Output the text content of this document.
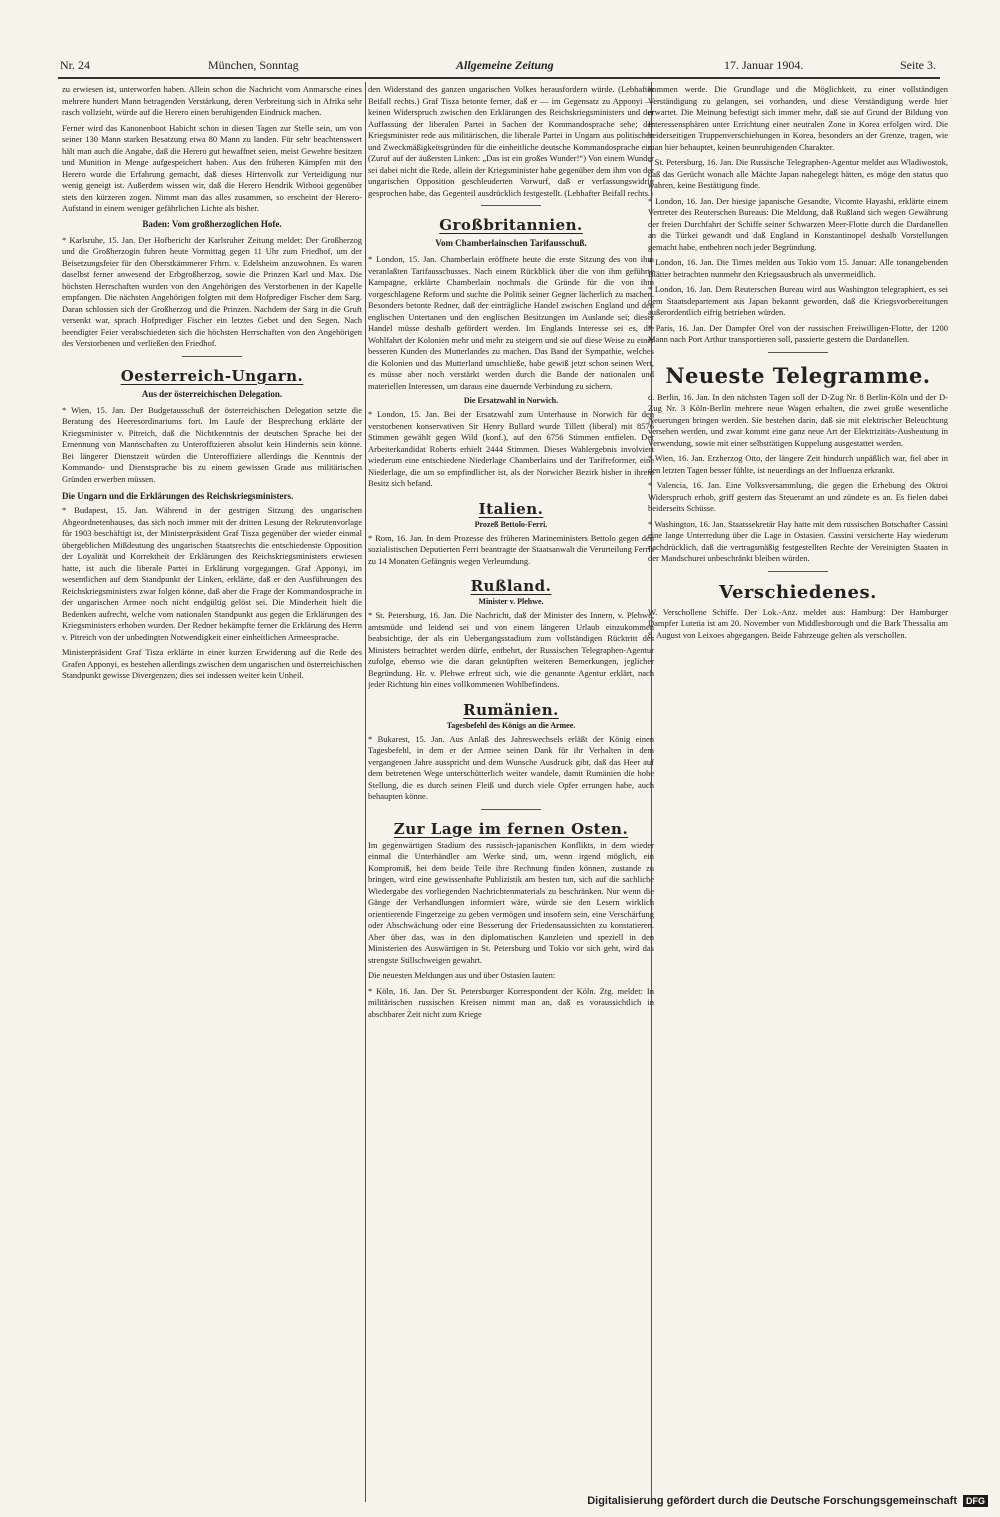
Nr. 24	München, Sonntag	Allgemeine Zeitung	17. Januar 1904.	Seite 3.

zu erwiesen ist, unterworfen haben. Allein schon die Nachricht vom Anmarsche eines mehrere hundert Mann betragenden Verstärkung, deren Verbreitung sich in Afrika sehr rasch vollzieht, würde auf die Herero einen beruhigenden Eindruck machen.

Ferner wird das Kanonenboot Habicht schon in diesen Tagen zur Stelle sein, um von seiner 130 Mann starken Besatzung etwa 80 Mann zu landen. Für sehr beachtenswert hält man auch die Angabe, daß die Herero gut bewaffnet seien, meist Gewehre besitzen und Munition in Menge aufgespeichert haben. Aus den früheren Kämpfen mit den Herero wurde die Erfahrung gemacht, daß dieses Hirtenvolk zur Verteidigung nur wenig geneigt ist. Außerdem wissen wir, daß die Herero Hendrik Witbooi gegenüber stets den kürzeren zogen. Nimmt man das alles zusammen, so erscheint der Herero-Aufstand in einem weniger gefährlichen Lichte als bisher.

Baden: Vom großherzoglichen Hofe.

* Karlsruhe, 15. Jan. Der Hofbericht der Karlsruher Zeitung meldet: Der Großherzog und die Großherzogin fuhren heute Vormittag gegen 11 Uhr zum Friedhof, um der Beisetzungsfeier für den Oberstkämmerer Frhrn. v. Edelsheim anzuwohnen. Es waren daselbst ferner anwesend der Erbgroßherzog, sowie die Prinzen Karl und Max. Die höchsten Herrschaften wurden von den Angehörigen des Verstorbenen in der Kapelle empfangen. Die nächsten Angehörigen folgten mit dem Hofprediger Fischer dem Sarg. Daran schlossen sich der Großherzog und die Prinzen. Nachdem der Sarg in die Gruft versenkt war, sprach Hofprediger Fischer ein letztes Gebet und den Segen. Nach beendigter Feier verabschiedeten sich die höchsten Herrschaften von den Angehörigen des Verstorbenen und verließen den Friedhof.

Oesterreich-Ungarn.
Aus der österreichischen Delegation.

* Wien, 15. Jan. Der Budgetausschuß der österreichischen Delegation setzte die Beratung des Heeresordinariums fort. Im Laufe der Besprechung erklärte der Kriegsminister v. Pitreich, daß die Nichtkenntnis der deutschen Sprache bei der Ernennung von Mannschaften zu Unteroffizieren absolut kein Hindernis sein könne. Bei längerer Dienstzeit würden die Unteroffiziere allerdings die Kenntnis der Kommando- und Dienstsprache bis zu einem gewissen Grade aus militärischen Gründen erwerben müssen.

Die Ungarn und die Erklärungen des Reichskriegsministers.

* Budapest, 15. Jan. Während in der gestrigen Sitzung des ungarischen Abgeordnetenhauses, das sich noch immer mit der dritten Lesung der Rekrutenvorlage für 1903 beschäftigt ist, der Ministerpräsident Graf Tisza gegenüber der wieder einmal übergeblichen Mißdeutung des ungarischen Staatsrechts die entschiedenste Opposition der Loyalität und Korrektheit der Erklärungen des Reichskriegsministers erwiesen hatte, ist auch die liberale Partei in Erklärung vorgegangen. Graf Apponyi, im wesentlichen auf dem Standpunkt der Linken, erklärte, daß er den Ausführungen des Reichskriegsministers zwar folgen könne, daß aber die Frage der Kommandosprache in der ungarischen Armee noch nicht endgültig gelöst sei. Die Minderheit hielt die Bedenken aufrecht, welche vom nationalen Standpunkt aus gegen die Erklärungen des Kriegsministers erhoben wurden. Der Redner bekämpfte ferner die Erklärung des Herrn v. Pitreich von der unbedingten Notwendigkeit einer einheitlichen Armeesprache.

Ministerpräsident Graf Tisza erklärte in einer kurzen Erwiderung auf die Rede des Grafen Apponyi, es bestehen allerdings zwischen dem ungarischen und österreichischen Standpunkt gewisse Divergenzen; dies sei indessen weiter kein Unheil.

den Widerstand des ganzen ungarischen Volkes herausfordern würde. (Lebhafter Beifall rechts.) Graf Tisza betonte ferner, daß er — im Gegensatz zu Apponyi — keinen Widerspruch zwischen den Erklärungen des Reichskriegsministers und der Auffassung der liberalen Partei in Sachen der Kommandosprache sehe; der Kriegsminister rede aus militärischen, die liberale Partei in Ungarn aus politischen und Zweckmäßigkeitsgründen für die einheitliche deutsche Kommandosprache ein. (Zuruf auf der äußersten Linken: „Das ist ein großes Wunder!“) Von einem Wunder sei dabei nicht die Rede, allein der Kriegsminister habe gegenüber dem ihm von der ungarischen Opposition geschleuderten Vorwurf, daß er verfassungswidrig gesprochen habe, das Gegenteil ausdrücklich festgestellt. (Lebhafter Beifall rechts.)

Großbritannien.
Vom Chamberlainschen Tarifausschuß.

* London, 15. Jan. Chamberlain eröffnete heute die erste Sitzung des von ihm veranlaßten Tarifausschusses. Nach einem Rückblick über die von ihm geführte Kampagne, erklärte Chamberlain nochmals die Gründe für die von ihm vorgeschlagene Reform und suchte die Politik seiner Gegner lächerlich zu machen. Besonders betonte Redner, daß der einträgliche Handel zwischen England und den englischen Untertanen und den englischen Besitzungen im Auslande sei; dieser Handel müsse deshalb gefördert werden. Im Englands Interesse sei es, die Wohlfahrt der Kolonien mehr und mehr zu steigern und sie auf diese Weise zu einer besseren Kunden des Mutterlandes zu machen. Das Band der Sympathie, welches die Kolonien und das Mutterland umschließe, habe gewiß jetzt schon seinen Wert, es müsse aber noch verstärkt werden durch die Bande der nationalen und materiellen Interessen, um daraus eine dauernde Verbindung zu sichern.

Die Ersatzwahl in Norwich.

* London, 15. Jan. Bei der Ersatzwahl zum Unterhause in Norwich für den verstorbenen konservativen Sir Henry Bullard wurde Tillett (liberal) mit 8576 Stimmen gewählt gegen Wild (konf.), auf den 6756 Stimmen entfielen. Der Arbeiterkandidat Roberts erhielt 2444 Stimmen. Dieses Wahlergebnis involviert wiederum eine entschiedene Niederlage Chamberlains und der Tarifreformer, eine Niederlage, die um so empfindlicher ist, als der Norwicher Bezirk bisher in ihrem Besitz sich befand.

Italien.
Prozeß Bettolo-Ferri.

* Rom, 16. Jan. In dem Prozesse des früheren Marineministers Bettolo gegen den sozialistischen Deputierten Ferri beantragte der Staatsanwalt die Verurteilung Ferris zu 14 Monaten Gefängnis wegen Verleumdung.

Rußland.
Minister v. Plehwe.

* St. Petersburg, 16. Jan. Die Nachricht, daß der Minister des Innern, v. Plehwe, amtsmüde und leidend sei und von einem längeren Urlaub einzukommen beabsichtige, der als ein Uebergangsstadium zum vollständigen Rücktritt des Ministers betrachtet werden dürfe, entbehrt, der Russischen Telegraphen-Agentur zufolge, ebenso wie die daran geknüpften weiteren Bemerkungen, jeglicher Begründung. Hr. v. Plehwe erfreut sich, wie die genannte Agentur erklärt, nach jeder Richtung hin eines vollkommenen Wohlbefindens.

Rumänien.
Tagesbefehl des Königs an die Armee.

* Bukarest, 15. Jan. Aus Anlaß des Jahreswechsels erläßt der König einen Tagesbefehl, in dem er der Armee seinen Dank für ihr Verhalten in dem vergangenen Jahre ausspricht und dem Wunsche Ausdruck gibt, daß das Heer auf dem betretenen Wege unterschütterlich weiter wandele, damit Rumänien die hohe Stellung, die es durch seinen Fleiß und durch viele Opfer errungen habe, auch behaupten könne.

Zur Lage im fernen Osten.

Im gegenwärtigen Stadium des russisch-japanischen Konflikts, in dem wieder einmal die Unterhändler am Werke sind, um, wenn irgend möglich, ein Kompromiß, bei dem beide Teile ihre Rechnung finden können, zustande zu bringen, wird eine gewissenhafte Publizistik am besten tun, sich auf die sachliche Wiedergabe des vorliegenden Nachrichtenmaterials zu beschränken. Nur wenn die Gänge der Verhandlungen informiert wäre, würde sie den Lesern wirklich orientierende Fingerzeige zu geben vermögen und insofern sein, eine Verschärfung oder Abschwächung oder eine Besserung der Friedensaussichten zu konstatieren. Aber über das, was in den diplomatischen Kanzleien und speziell in den Ministerien des Auswärtigen in St. Petersburg und Tokio vor sich geht, wird das strengste Stillschweigen gewahrt.

Die neuesten Meldungen aus und über Ostasien lauten:

* Köln, 16. Jan. Der St. Petersburger Korrespondent der Köln. Ztg. meldet: In militärischen russischen Kreisen nimmt man an, daß es voraussichtlich in abschbarer Zeit nicht zum Kriege

kommen werde. Die Grundlage und die Möglichkeit, zu einer vollständigen Verständigung zu gelangen, sei vorhanden, und diese Verständigung werde hier erwartet. Die Meinung befestigt sich immer mehr, daß sie auf Grund der Bildung von Interessensphären unter Errichtung einer neutralen Zone in Korea erfolgen wird. Die beiderseitigen Truppenverschiebungen in Korea, besonders an der Grenze, tragen, wie man hier behauptet, keinen beunruhigenden Charakter.

* St. Petersburg, 16. Jan. Die Russische Telegraphen-Agentur meldet aus Wladiwostok, daß das Gerücht wonach alle Mächte Japan nahegelegt hätten, es möge den status quo wahren, keine Bestätigung finde.

* London, 16. Jan. Der hiesige japanische Gesandte, Vicomte Hayashi, erklärte einem Vertreter des Reuterschen Bureaus: Die Meldung, daß Rußland sich wegen Gewährung der freien Durchfahrt der Schiffe seiner Schwarzen Meer-Flotte durch die Dardanellen an die Türkei gewandt und daß England in Konstantinopel deshalb Vorstellungen gemacht habe, entbehren noch jeder Begründung.

* London, 16. Jan. Die Times melden aus Tokio vom 15. Januar: Alle tonangebenden Blätter betrachten nunmehr den Kriegsausbruch als unvermeidlich.

* London, 16. Jan. Dem Reuterschen Bureau wird aus Washington telegraphiert, es sei dem Staatsdepartement aus Japan bekannt geworden, daß die Kriegsvorbereitungen außerordentlich eifrig betrieben würden.

* Paris, 16. Jan. Der Dampfer Orel von der russischen Freiwilligen-Flotte, der 1200 Mann nach Port Arthur transportieren soll, passierte gestern die Dardanellen.

Neueste Telegramme.

d. Berlin, 16. Jan. In den nächsten Tagen soll der D-Zug Nr. 8 Berlin-Köln und der D-Zug Nr. 3 Köln-Berlin mehrere neue Wagen erhalten, die zwei große wesentliche Neuerungen bringen werden. Sie bestehen darin, daß sie mit elektrischer Beleuchtung versehen werden, und zwar kommt eine ganz neue Art der Elektrizitäts-Ausbeutung in Verwendung, sowie mit einer selbsttätigen Kuppelung ausgestattet werden.

* Wien, 16. Jan. Erzherzog Otto, der längere Zeit hindurch unpäßlich war, fiel aber in den letzten Tagen besser fühlte, ist neuerdings an der Influenza erkrankt.

* Valencia, 16. Jan. Eine Volksversammlung, die gegen die Erhebung des Oktroi Widerspruch erhob, griff gestern das Steueramt an und zündete es an. Es fielen dabei beiderseits Schüsse.

* Washington, 16. Jan. Staatssekretär Hay hatte mit dem russischen Botschafter Cassini eine lange Unterredung über die Lage in Ostasien. Cassini versicherte Hay wiederum nachdrücklich, daß die vertragsmäßig festgestellten Rechte der Vereinigten Staaten in der Mandschurei unbeschränkt bleiben würden.

Verschiedenes.

W. Verschollene Schiffe. Der Lok.-Anz. meldet aus: Hamburg: Der Hamburger Dampfer Lutetia ist am 20. November von Middlesborough und die Bark Thessalia am 8. August von Leixoes abgegangen. Beide Fahrzeuge gelten als verschollen.

Digitalisierung gefördert durch die Deutsche Forschungsgemeinschaft	DFG
